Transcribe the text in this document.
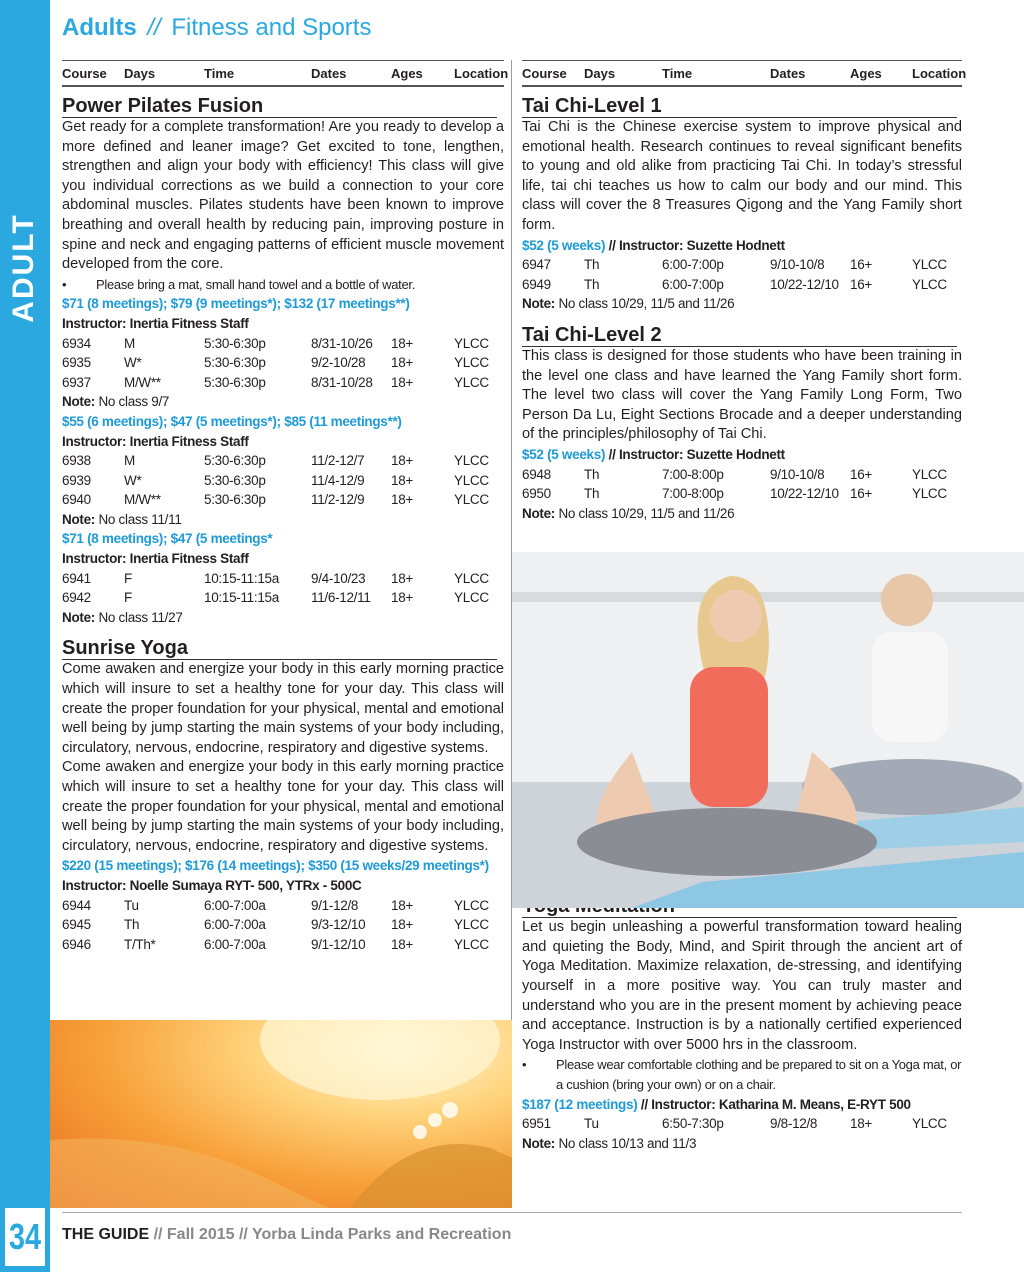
ADULT
34
Adults // Fitness and Sports
Course	Days	Time	Dates	Ages	Location
Power Pilates Fusion

Get ready for a complete transformation! Are you ready to develop a more defined and leaner image? Get excited to tone, lengthen, strengthen and align your body with efficiency! This class will give you individual corrections as we build a connection to your core abdominal muscles. Pilates students have been known to improve breathing and overall health by reducing pain, improving posture in spine and neck and engaging patterns of efficient muscle movement developed from the core.

•	Please bring a mat, small hand towel and a bottle of water.
$71 (8 meetings); $79 (9 meetings*); $132 (17 meetings**)
Instructor: Inertia Fitness Staff
6934	M	5:30-6:30p	8/31-10/26	18+	YLCC
6935	W*	5:30-6:30p	9/2-10/28	18+	YLCC
6937	M/W**	5:30-6:30p	8/31-10/28	18+	YLCC
Note: No class 9/7
$55 (6 meetings); $47 (5 meetings*); $85 (11 meetings**)
Instructor: Inertia Fitness Staff
6938	M	5:30-6:30p	11/2-12/7	18+	YLCC
6939	W*	5:30-6:30p	11/4-12/9	18+	YLCC
6940	M/W**	5:30-6:30p	11/2-12/9	18+	YLCC
Note: No class 11/11
$71 (8 meetings); $47 (5 meetings*
Instructor: Inertia Fitness Staff
6941	F	10:15-11:15a	9/4-10/23	18+	YLCC
6942	F	10:15-11:15a	11/6-12/11	18+	YLCC
Note: No class 11/27
Sunrise Yoga

Come awaken and energize your body in this early morning practice which will insure to set a healthy tone for your day. This class will create the proper foundation for your physical, mental and emotional well being by jump starting the main systems of your body including, circulatory, nervous, endocrine, respiratory and digestive systems.

Come awaken and energize your body in this early morning practice which will insure to set a healthy tone for your day. This class will create the proper foundation for your physical, mental and emotional well being by jump starting the main systems of your body including, circulatory, nervous, endocrine, respiratory and digestive systems.

$220 (15 meetings); $176 (14 meetings); $350 (15 weeks/29 meetings*)
Instructor: Noelle Sumaya RYT- 500, YTRx - 500C
6944	Tu	6:00-7:00a	9/1-12/8	18+	YLCC
6945	Th	6:00-7:00a	9/3-12/10	18+	YLCC
6946	T/Th*	6:00-7:00a	9/1-12/10	18+	YLCC
Course	Days	Time	Dates	Ages	Location
Tai Chi-Level 1

Tai Chi is the Chinese exercise system to improve physical and emotional health. Research continues to reveal significant benefits to young and old alike from practicing Tai Chi. In today’s stressful life, tai chi teaches us how to calm our body and our mind. This class will cover the 8 Treasures Qigong and the Yang Family short form.

$52 (5 weeks) // Instructor: Suzette Hodnett
6947	Th	6:00-7:00p	9/10-10/8	16+	YLCC
6949	Th	6:00-7:00p	10/22-12/10 16+	YLCC
Note: No class 10/29, 11/5 and 11/26
Tai Chi-Level 2

This class is designed for those students who have been training in the level one class and have learned the Yang Family short form. The level two class will cover the Yang Family Long Form, Two Person Da Lu, Eight Sections Brocade and a deeper understanding of the principles/philosophy of Tai Chi.

$52 (5 weeks) // Instructor: Suzette Hodnett
6948	Th	7:00-8:00p	9/10-10/8	16+	YLCC
6950	Th	7:00-8:00p	10/22-12/10 16+	YLCC
Note: No class 10/29, 11/5 and 11/26

Let us begin unleashing a powerful transformation toward healing and quieting the Body, Mind, and Spirit through the ancient art of Yoga Meditation. Maximize relaxation, de-stressing, and identifying yourself in a more positive way. You can truly master and understand who you are in the present moment by achieving peace and acceptance. Instruction is by a nationally certified experienced Yoga Instructor with over 5000 hrs in the classroom.

•	Please wear comfortable clothing and be prepared to sit on a Yoga mat, or a cushion (bring your own) or on a chair.
$187 (12 meetings) // Instructor: Katharina M. Means, E-RYT 500
6951	Tu	6:50-7:30p	9/8-12/8	18+	YLCC
Note: No class 10/13 and 11/3
THE GUIDE // Fall 2015 // Yorba Linda Parks and Recreation
